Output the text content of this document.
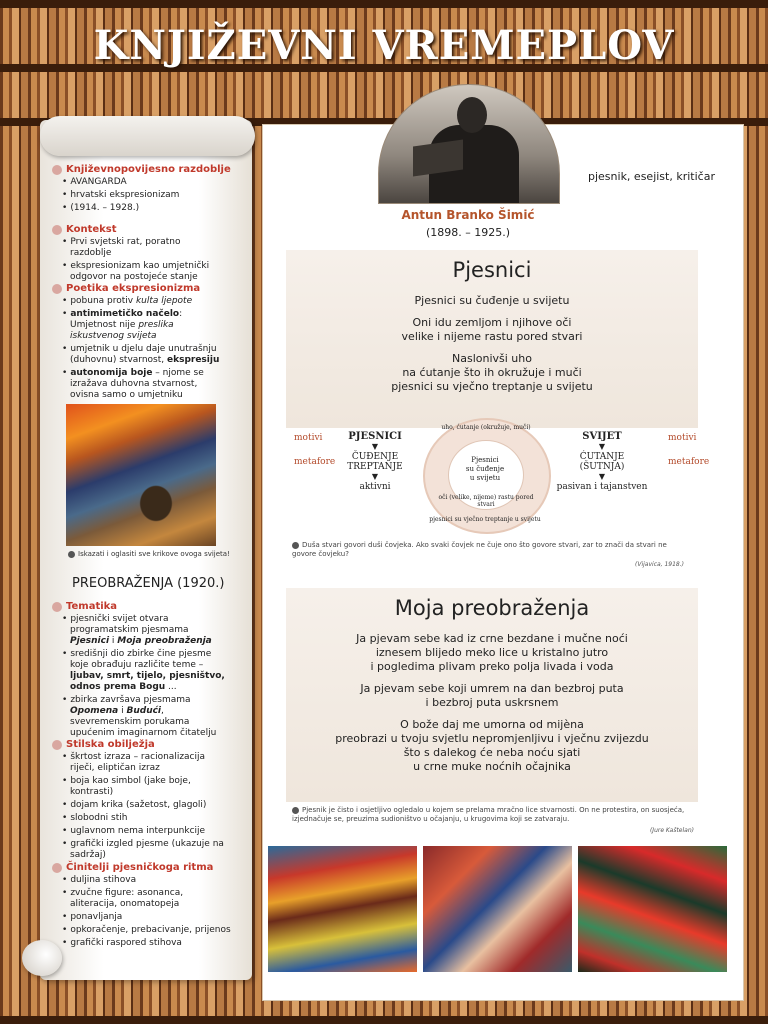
KNJIŽEVNI VREMEPLOV
Književnopovijesno razdoblje
• AVANGARDA
• hrvatski ekspresionizam
• (1914. – 1928.)
Kontekst
• Prvi svjetski rat, poratno razdoblje
• ekspresionizam kao umjetnički odgovor na postojeće stanje
Poetika ekspresionizma
• pobuna protiv kulta ljepote
• antimimetičko načelo: Umjetnost nije preslika iskustvenog svijeta
• umjetnik u djelu daje unutrašnju (duhovnu) stvarnost, ekspresiju
• autonomija boje – njome se izražava duhovna stvarnost, ovisna samo o umjetniku
Iskazati i oglasiti sve krikove ovoga svijeta!
PREOBRAŽENJA (1920.)
Tematika
• pjesnički svijet otvara programatskim pjesmama Pjesnici i Moja preobraženja
• središnji dio zbirke čine pjesme koje obrađuju različite teme – ljubav, smrt, tijelo, pjesništvo, odnos prema Bogu ...
• zbirka završava pjesmama Opomena i Budući, svevremenskim porukama upućenim imaginarnom čitatelju
Stilska obilježja
• škrtost izraza – racionalizacija riječi, eliptičan izraz
• boja kao simbol (jake boje, kontrasti)
• dojam krika (sažetost, glagoli)
• slobodni stih
• uglavnom nema interpunkcije
• grafički izgled pjesme (ukazuje na sadržaj)
Činitelji pjesničkoga ritma
• duljina stihova
• zvučne figure: asonanca, aliteracija, onomatopeja
• ponavljanja
• opkoračenje, prebacivanje, prijenos
• grafički raspored stihova
pjesnik, esejist, kritičar
Antun Branko Šimić
(1898. – 1925.)
Pjesnici

Pjesnici su čuđenje u svijetu

Oni idu zemljom i njihove oči

velike i nijeme rastu pored stvari

Naslonivši uho

na ćutanje što ih okružuje i muči

pjesnici su vječno treptanje u svijetu

motivi
metafore
PJESNICI
▼
ČUĐENJE
TREPTANJE
▼
aktivni
motivi
metafore
SVIJET
▼
ĆUTANJE
(ŠUTNJA)
▼
pasivan i tajanstven
Pjesnici
su čuđenje
u svijetu
uho, ćutanje (okružuje, muči)
oči (velike, nijeme) rastu pored stvari
pjesnici su vječno treptanje u svijetu
Duša stvari govori duši čovjeka. Ako svaki čovjek ne čuje ono što govore stvari, zar to znači da stvari ne govore čovjeku?
(Vijavica, 1918.)
Moja preobraženja

Ja pjevam sebe kad iz crne bezdane i mučne noći

iznesem blijedo meko lice u kristalno jutro

i pogledima plivam preko polja livada i voda

Ja pjevam sebe koji umrem na dan bezbroj puta

i bezbroj puta uskrsnem

O bože daj me umorna od mijèna

preobrazi u tvoju svjetlu nepromjenljivu i vječnu zvijezdu

što s dalekog će neba noću sjati

u crne muke noćnih očajnika

Pjesnik je čisto i osjetljivo ogledalo u kojem se prelama mračno lice stvarnosti. On ne protestira, on suosjeća, izjednačuje se, preuzima sudioništvo u očajanju, u krugovima koji se zatvaraju.
(Jure Kaštelan)
